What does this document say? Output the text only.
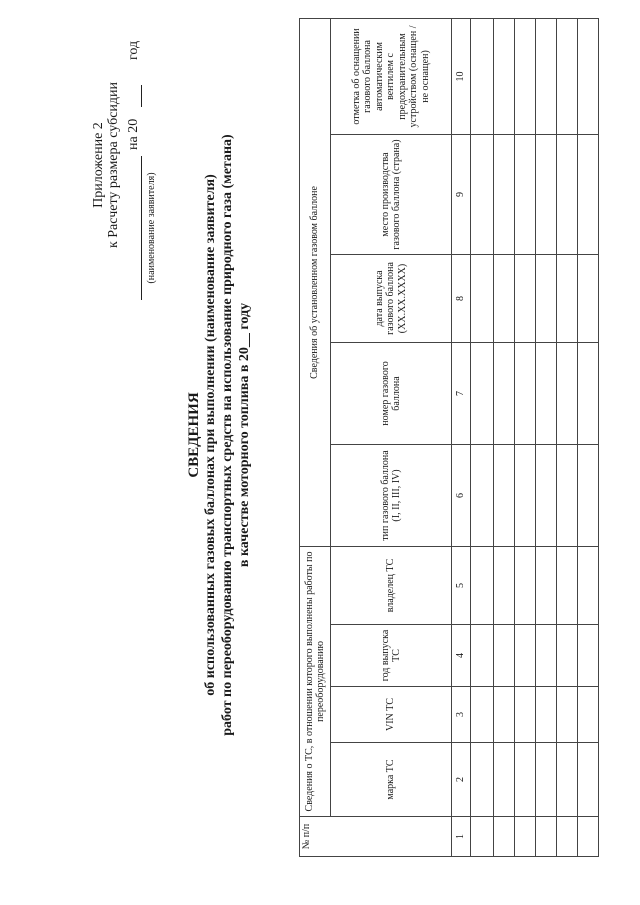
Приложение 2 к Расчету размера субсидии на 20
год
(наименование заявителя)
СВЕДЕНИЯ об использованных газовых баллонах при выполнении (наименование заявителя) работ по переоборудованию транспортных средств на использование природного газа (метана) в качестве моторного топлива в 20__ году
№ п/п	Сведения о ТС, в отношении которого выполнены работы по переоборудованию				Сведения об установленном газовом баллоне				
	марка ТС	VIN ТС	год выпуска ТС	владелец ТС	тип газового баллона (I, II, III, IV)	номер газового баллона	дата выпуска газового баллона (XX.XX.XXXX)	место производства газового баллона (страна)	отметка об оснащении газового баллона автоматическим вентилем с предохранительным устройством (оснащен /не оснащен)
1	2	3	4	5	6	7	8	9	10
